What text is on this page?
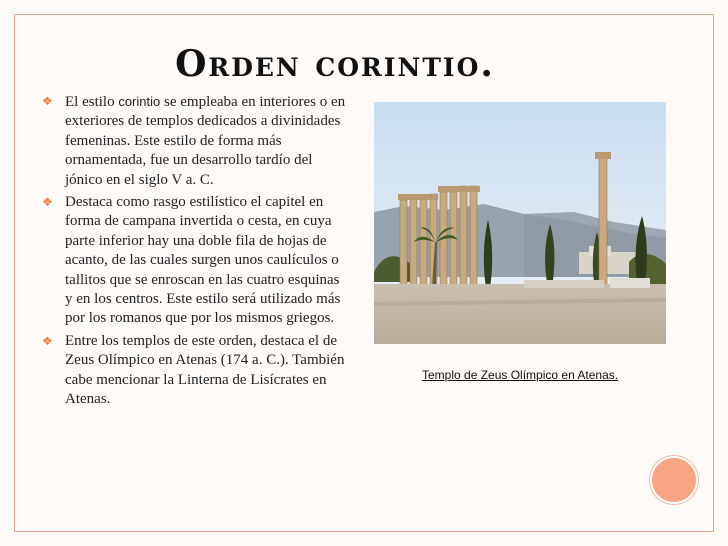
Orden corintio.
❖ El estilo corintio se empleaba en interiores o en exteriores de templos dedicados a divinidades femeninas. Este estilo de forma más ornamentada, fue un desarrollo tardío del jónico en el siglo V a. C.
❖ Destaca como rasgo estilístico el capitel en forma de campana invertida o cesta, en cuya parte inferior hay una doble fila de hojas de acanto, de las cuales surgen unos caulículos o tallitos que se enroscan en las cuatro esquinas y en los centros. Este estilo será utilizado más por los romanos que por los mismos griegos.
❖ Entre los templos de este orden, destaca el de Zeus Olímpico en Atenas (174 a. C.). También cabe mencionar la Linterna de Lisícrates en Atenas.
Templo de Zeus Olímpico en Atenas.
